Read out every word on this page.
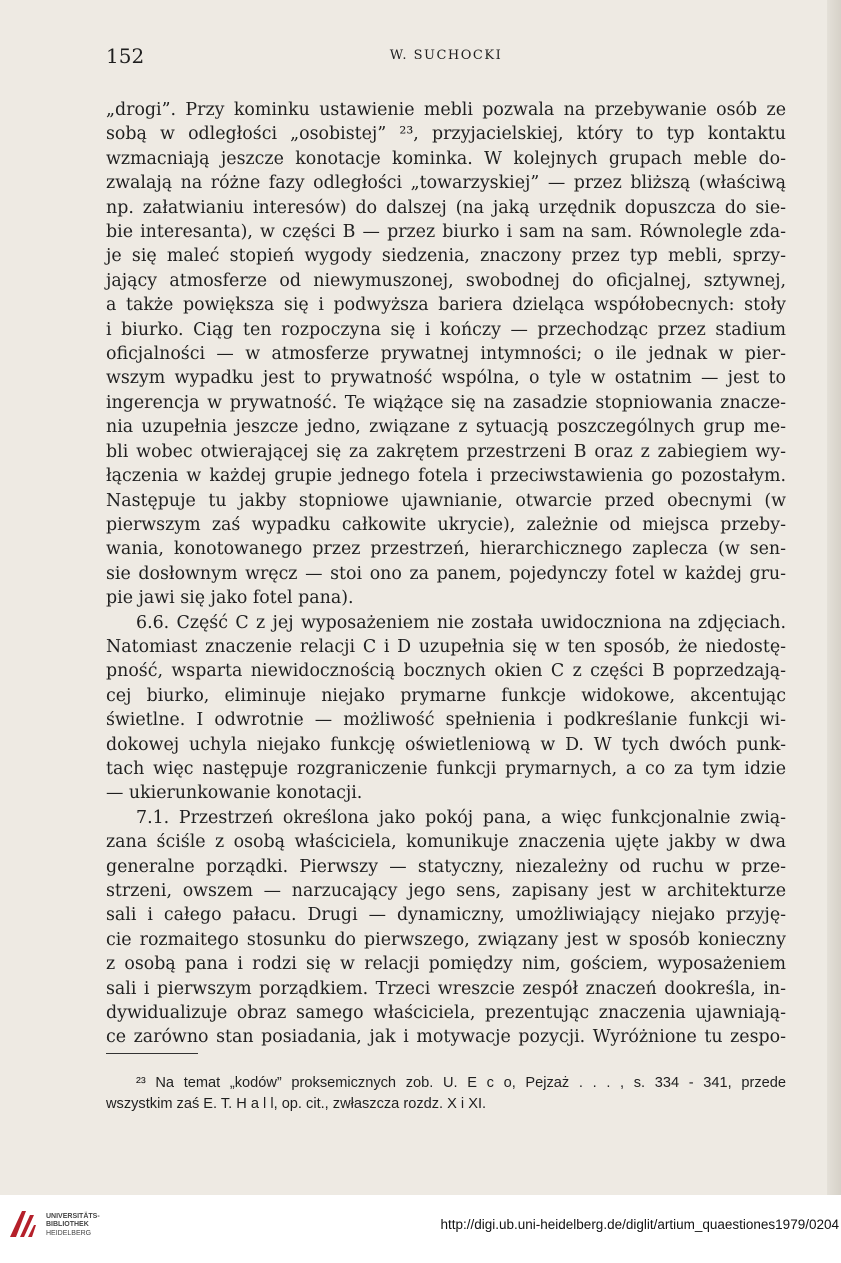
152	W. SUCHOCKI

„drogi”. Przy kominku ustawienie mebli pozwala na przebywanie osób ze

sobą w odległości „osobistej” ²³, przyjacielskiej, który to typ kontaktu

wzmacniają jeszcze konotacje kominka. W kolejnych grupach meble do-

zwalają na różne fazy odległości „towarzyskiej” — przez bliższą (właściwą

np. załatwianiu interesów) do dalszej (na jaką urzędnik dopuszcza do sie-

bie interesanta), w części B — przez biurko i sam na sam. Równolegle zda-

je się maleć stopień wygody siedzenia, znaczony przez typ mebli, sprzy-

jający atmosferze od niewymuszonej, swobodnej do oficjalnej, sztywnej,

a także powiększa się i podwyższa bariera dzieląca współobecnych: stoły

i biurko. Ciąg ten rozpoczyna się i kończy — przechodząc przez stadium

oficjalności — w atmosferze prywatnej intymności; o ile jednak w pier-

wszym wypadku jest to prywatność wspólna, o tyle w ostatnim — jest to

ingerencja w prywatność. Te wiążące się na zasadzie stopniowania znacze-

nia uzupełnia jeszcze jedno, związane z sytuacją poszczególnych grup me-

bli wobec otwierającej się za zakrętem przestrzeni B oraz z zabiegiem wy-

łączenia w każdej grupie jednego fotela i przeciwstawienia go pozostałym.

Następuje tu jakby stopniowe ujawnianie, otwarcie przed obecnymi (w

pierwszym zaś wypadku całkowite ukrycie), zależnie od miejsca przeby-

wania, konotowanego przez przestrzeń, hierarchicznego zaplecza (w sen-

sie dosłownym wręcz — stoi ono za panem, pojedynczy fotel w każdej gru-

pie jawi się jako fotel pana).

6.6. Część C z jej wyposażeniem nie została uwidoczniona na zdjęciach.

Natomiast znaczenie relacji C i D uzupełnia się w ten sposób, że niedostę-

pność, wsparta niewidocznością bocznych okien C z części B poprzedzają-

cej biurko, eliminuje niejako prymarne funkcje widokowe, akcentując

świetlne. I odwrotnie — możliwość spełnienia i podkreślanie funkcji wi-

dokowej uchyla niejako funkcję oświetleniową w D. W tych dwóch punk-

tach więc następuje rozgraniczenie funkcji prymarnych, a co za tym idzie

— ukierunkowanie konotacji.

7.1. Przestrzeń określona jako pokój pana, a więc funkcjonalnie zwią-

zana ściśle z osobą właściciela, komunikuje znaczenia ujęte jakby w dwa

generalne porządki. Pierwszy — statyczny, niezależny od ruchu w prze-

strzeni, owszem — narzucający jego sens, zapisany jest w architekturze

sali i całego pałacu. Drugi — dynamiczny, umożliwiający niejako przyję-

cie rozmaitego stosunku do pierwszego, związany jest w sposób konieczny

z osobą pana i rodzi się w relacji pomiędzy nim, gościem, wyposażeniem

sali i pierwszym porządkiem. Trzeci wreszcie zespół znaczeń dookreśla, in-

dywidualizuje obraz samego właściciela, prezentując znaczenia ujawniają-

ce zarówno stan posiadania, jak i motywacje pozycji. Wyróżnione tu zespo-

²³ Na temat „kodów” proksemicznych zob. U. E c o, Pejzaż . . . , s. 334 - 341, przede

wszystkim zaś E. T. H a l l, op. cit., zwłaszcza rozdz. X i XI.

UNIVERSITÄTS-
BIBLIOTHEK
HEIDELBERG
http://digi.ub.uni-heidelberg.de/diglit/artium_quaestiones1979/0204
